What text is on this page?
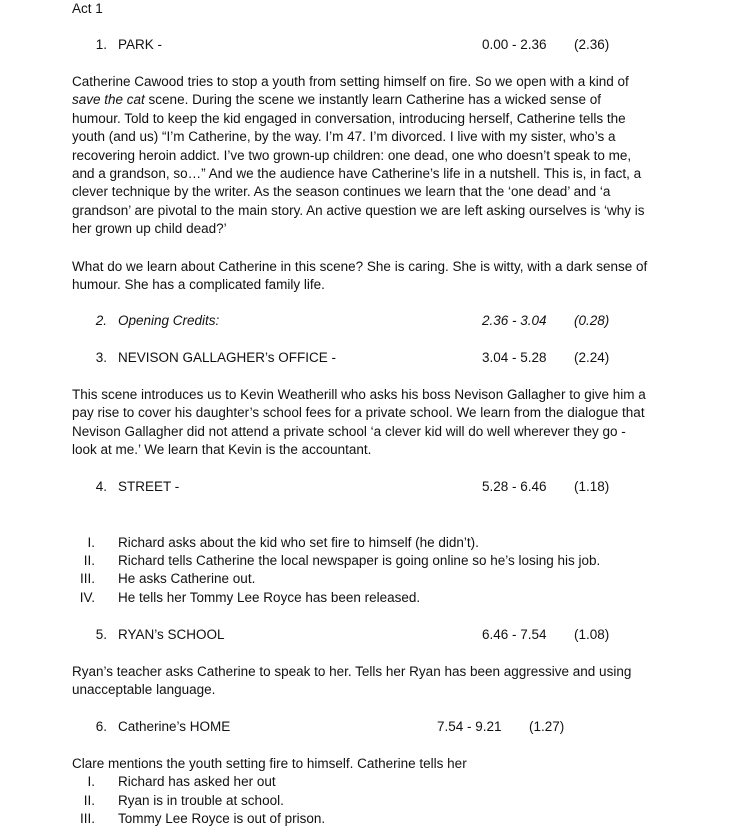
Act 1
1. PARK -	0.00 - 2.36 (2.36)

Catherine Cawood tries to stop a youth from setting himself on fire. So we open with a kind of save the cat scene. During the scene we instantly learn Catherine has a wicked sense of humour. Told to keep the kid engaged in conversation, introducing herself, Catherine tells the youth (and us) “I’m Catherine, by the way. I’m 47. I’m divorced. I live with my sister, who’s a recovering heroin addict. I’ve two grown-up children: one dead, one who doesn’t speak to me, and a grandson, so…” And we the audience have Catherine’s life in a nutshell. This is, in fact, a clever technique by the writer. As the season continues we learn that the ‘one dead’ and ‘a grandson’ are pivotal to the main story. An active question we are left asking ourselves is ‘why is her grown up child dead?’

What do we learn about Catherine in this scene? She is caring. She is witty, with a dark sense of humour. She has a complicated family life.

2. Opening Credits:	2.36 - 3.04 (0.28)
3. NEVISON GALLAGHER’s OFFICE -	3.04 - 5.28 (2.24)

This scene introduces us to Kevin Weatherill who asks his boss Nevison Gallagher to give him a pay rise to cover his daughter’s school fees for a private school. We learn from the dialogue that Nevison Gallagher did not attend a private school ‘a clever kid will do well wherever they go - look at me.’ We learn that Kevin is the accountant.

4. STREET -	5.28 - 6.46 (1.18)
I. Richard asks about the kid who set fire to himself (he didn’t).
II. Richard tells Catherine the local newspaper is going online so he’s losing his job.
III. He asks Catherine out.
IV. He tells her Tommy Lee Royce has been released.
5. RYAN’s SCHOOL	6.46 - 7.54 (1.08)

Ryan’s teacher asks Catherine to speak to her. Tells her Ryan has been aggressive and using unacceptable language.

6. Catherine’s HOME	7.54 - 9.21 (1.27)
Clare mentions the youth setting fire to himself. Catherine tells her
I. Richard has asked her out
II. Ryan is in trouble at school.
III. Tommy Lee Royce is out of prison.
